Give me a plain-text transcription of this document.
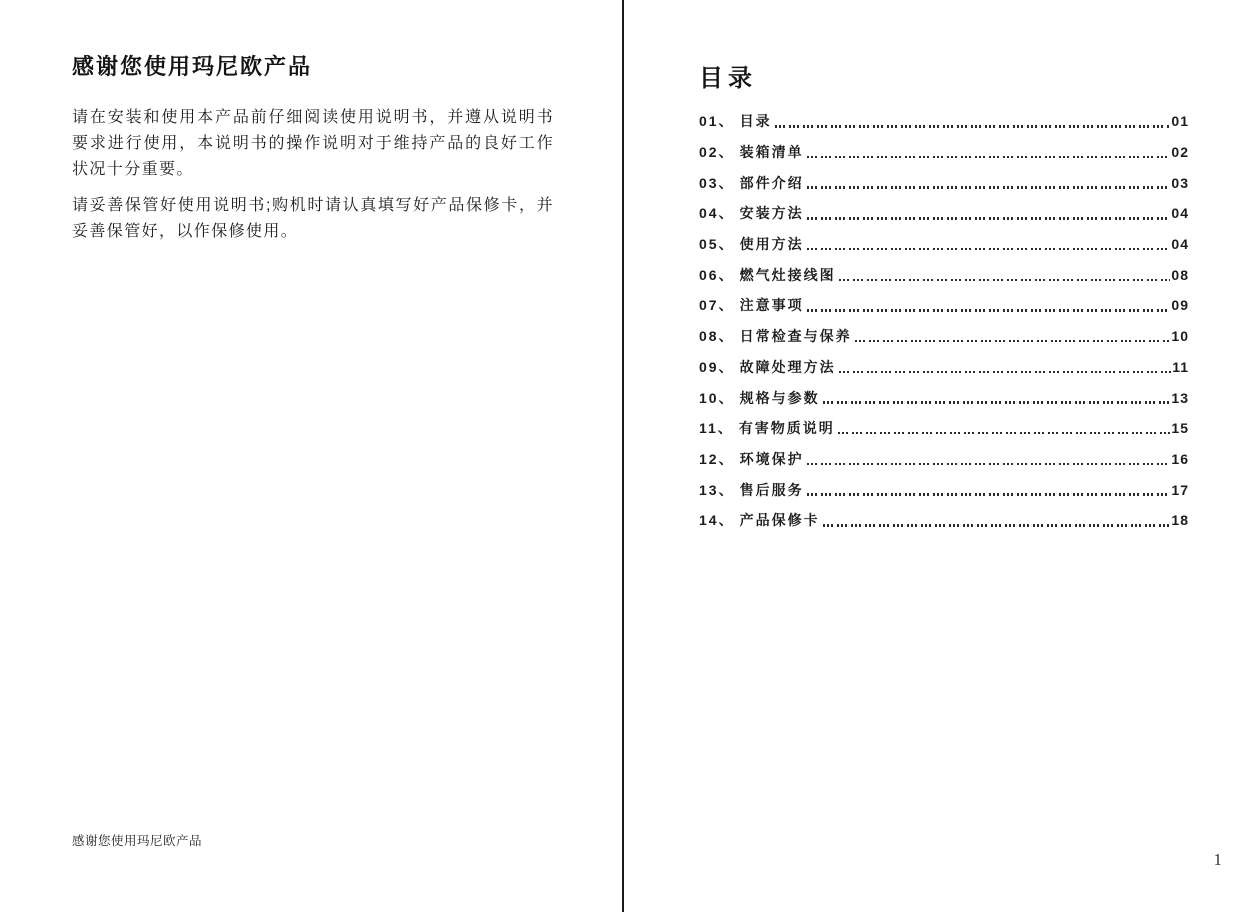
感谢您使用玛尼欧产品

请在安装和使用本产品前仔细阅读使用说明书，并遵从说明书要求进行使用，本说明书的操作说明对于维持产品的良好工作状况十分重要。

请妥善保管好使用说明书;购机时请认真填写好产品保修卡，并妥善保管好，以作保修使用。

感谢您使用玛尼欧产品
目录
01、 目录	01
02、 装箱清单	02
03、 部件介绍	03
04、 安装方法	04
05、 使用方法	04
06、 燃气灶接线图	08
07、 注意事项	09
08、 日常检查与保养	10
09、 故障处理方法	11
10、 规格与参数	13
11、 有害物质说明	15
12、 环境保护	16
13、 售后服务	17
14、 产品保修卡	18
1
